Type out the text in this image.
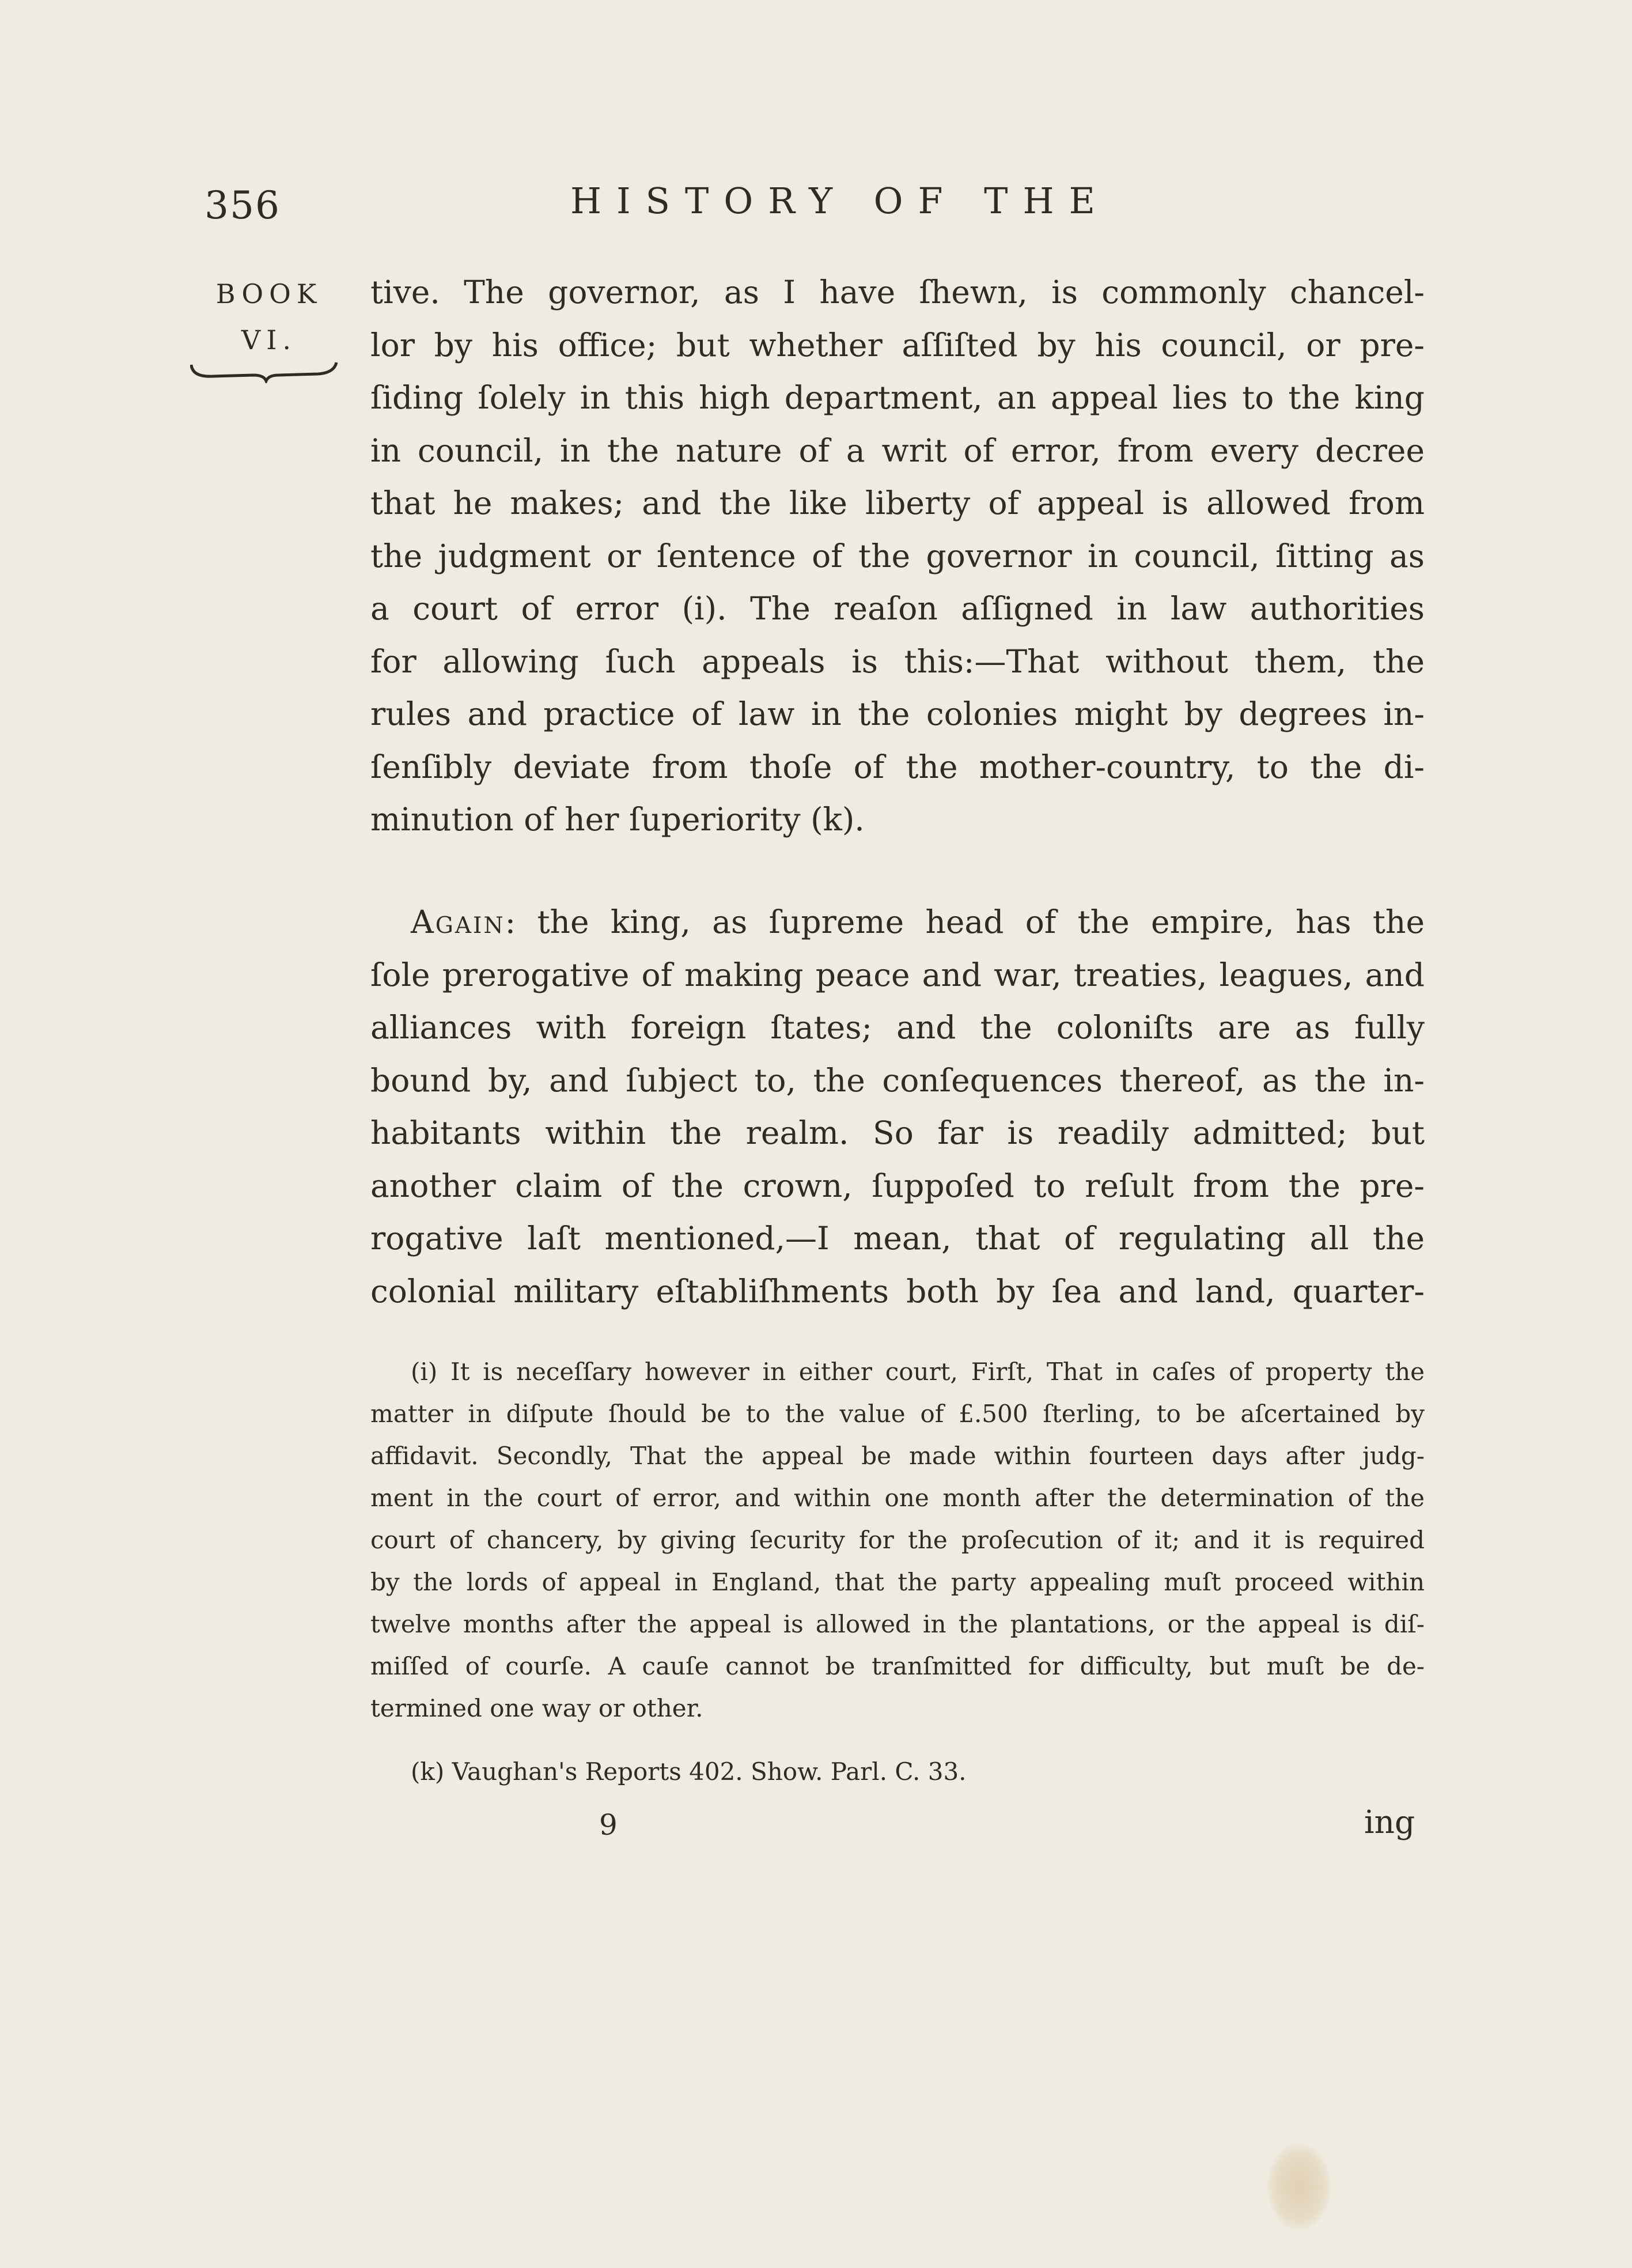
356	HISTORY OF THE
BOOK
VI.
tive. The governor, as I have ſhewn, is commonly chancel-
lor by his office; but whether aſſiſted by his council, or pre-
ſiding ſolely in this high department, an appeal lies to the king
in council, in the nature of a writ of error, from every decree
that he makes; and the like liberty of appeal is allowed from
the judgment or ſentence of the governor in council, ſitting as
a court of error (i). The reaſon aſſigned in law authorities
for allowing ſuch appeals is this:—That without them, the
rules and practice of law in the colonies might by degrees in-
ſenſibly deviate from thoſe of the mother-country, to the di-
minution of her ſuperiority (k).
Again: the king, as ſupreme head of the empire, has the
ſole prerogative of making peace and war, treaties, leagues, and
alliances with foreign ſtates; and the coloniſts are as fully
bound by, and ſubject to, the conſequences thereof, as the in-
habitants within the realm. So far is readily admitted; but
another claim of the crown, ſuppoſed to reſult from the pre-
rogative laſt mentioned,—I mean, that of regulating all the
colonial military eſtabliſhments both by ſea and land, quarter-
(i) It is neceſſary however in either court, Firſt, That in caſes of property the
matter in diſpute ſhould be to the value of £.500 ſterling, to be aſcertained by
affidavit. Secondly, That the appeal be made within fourteen days after judg-
ment in the court of error, and within one month after the determination of the
court of chancery, by giving ſecurity for the proſecution of it; and it is required
by the lords of appeal in England, that the party appealing muſt proceed within
twelve months after the appeal is allowed in the plantations, or the appeal is diſ-
miſſed of courſe. A cauſe cannot be tranſmitted for difficulty, but muſt be de-
termined one way or other.
(k) Vaughan's Reports 402. Show. Parl. C. 33.
9	ing
